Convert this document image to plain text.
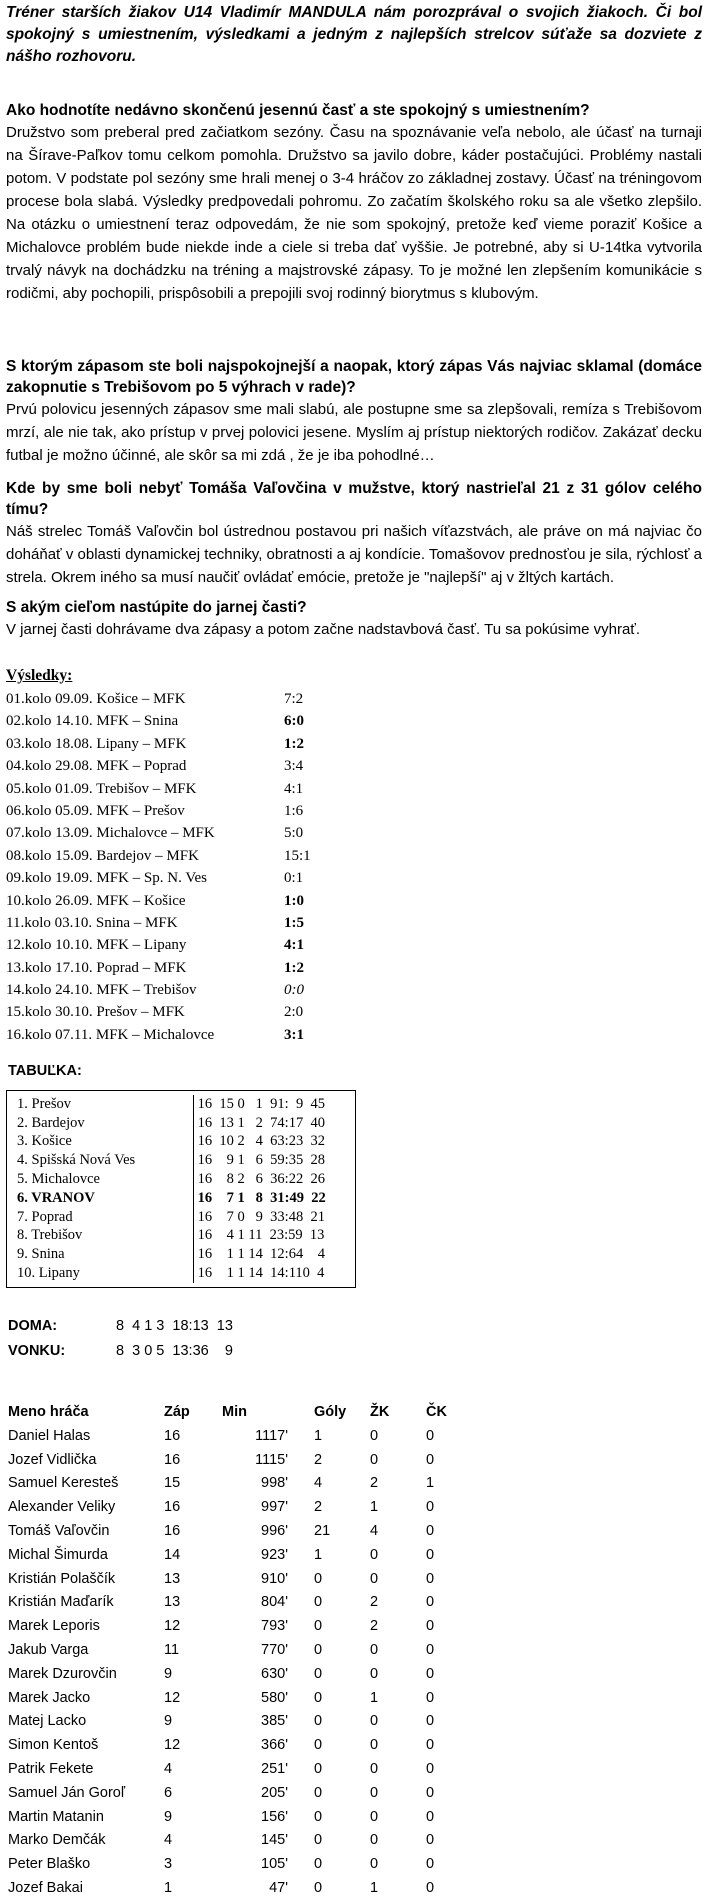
Tréner starších žiakov U14 Vladimír MANDULA nám porozprával o svojich žiakoch. Či bol spokojný s umiestnením, výsledkami a jedným z najlepších strelcov súťaže sa dozviete z nášho rozhovoru.

Ako hodnotíte nedávno skončenú jesennú časť a ste spokojný s umiestnením?

Družstvo som preberal pred začiatkom sezóny. Času na spoznávanie veľa nebolo, ale účasť na turnaji na Šírave-Paľkov tomu celkom pomohla. Družstvo sa javilo dobre, káder postačujúci. Problémy nastali potom. V podstate pol sezóny sme hrali menej o 3-4 hráčov zo základnej zostavy. Účasť na tréningovom procese bola slabá. Výsledky predpovedali pohromu. Zo začatím školského roku sa ale všetko zlepšilo. Na otázku o umiestnení teraz odpovedám, že nie som spokojný, pretože keď vieme poraziť Košice a Michalovce problém bude niekde inde a ciele si treba dať vyššie. Je potrebné, aby si U-14tka vytvorila trvalý návyk na dochádzku na tréning a majstrovské zápasy. To je možné len zlepšením komunikácie s rodičmi, aby pochopili, prispôsobili a prepojili svoj rodinný biorytmus s klubovým.

S ktorým zápasom ste boli najspokojnejší a naopak, ktorý zápas Vás najviac sklamal (domáce zakopnutie s Trebišovom po 5 výhrach v rade)?

Prvú polovicu jesenných zápasov sme mali slabú, ale postupne sme sa zlepšovali, remíza s Trebišovom mrzí, ale nie tak, ako prístup v prvej polovici jesene. Myslím aj prístup niektorých rodičov. Zakázať decku futbal je možno účinné, ale skôr sa mi zdá , že je iba pohodlné…

Kde by sme boli nebyť Tomáša Vaľovčina v mužstve, ktorý nastrieľal 21 z 31 gólov celého tímu?

Náš strelec Tomáš Vaľovčin bol ústrednou postavou pri našich víťazstvách, ale práve on má najviac čo doháňať v oblasti dynamickej techniky, obratnosti a aj kondície. Tomašovov prednosťou je sila, rýchlosť a strela. Okrem iného sa musí naučiť ovládať emócie, pretože je "najlepší" aj v žltých kartách.

S akým cieľom nastúpite do jarnej časti?

V jarnej časti dohrávame dva zápasy a potom začne nadstavbová časť. Tu sa pokúsime vyhrať.

Výsledky:
01.kolo 09.09. Košice – MFK	7:2
02.kolo 14.10. MFK – Snina	6:0
03.kolo 18.08. Lipany – MFK	1:2
04.kolo 29.08. MFK – Poprad	3:4
05.kolo 01.09. Trebišov – MFK	4:1
06.kolo 05.09. MFK – Prešov	1:6
07.kolo 13.09. Michalovce – MFK	5:0
08.kolo 15.09. Bardejov – MFK	15:1
09.kolo 19.09. MFK – Sp. N. Ves	0:1
10.kolo 26.09. MFK – Košice	1:0
11.kolo 03.10. Snina – MFK	1:5
12.kolo 10.10. MFK – Lipany	4:1
13.kolo 17.10. Poprad – MFK	1:2
14.kolo 24.10. MFK – Trebišov	0:0
15.kolo 30.10. Prešov – MFK	2:0
16.kolo 07.11. MFK – Michalovce	3:1
TABUĽKA:
1. Prešov	16  15 0   1  91:  9  45
2. Bardejov	16  13 1   2  74:17  40
3. Košice	16  10 2   4  63:23  32
4. Spišská Nová Ves	16    9 1   6  59:35  28
5. Michalovce	16    8 2   6  36:22  26
6. VRANOV	16    7 1   8  31:49  22
7. Poprad	16    7 0   9  33:48  21
8. Trebišov	16    4 1 11  23:59  13
9. Snina	16    1 1 14  12:64    4
10. Lipany	16    1 1 14  14:110  4
DOMA:	8  4 1 3  18:13  13
VONKU:	8  3 0 5  13:36    9
Meno hráča	Záp	Min	Góly	ŽK	ČK
Daniel Halas	16	1117'	1	0	0
Jozef Vidlička	16	1115'	2	0	0
Samuel Keresteš	15	998'	4	2	1
Alexander Veliky	16	997'	2	1	0
Tomáš Vaľovčin	16	996'	21	4	0
Michal Šimurda	14	923'	1	0	0
Kristián Polaščík	13	910'	0	0	0
Kristián Maďarík	13	804'	0	2	0
Marek Leporis	12	793'	0	2	0
Jakub Varga	11	770'	0	0	0
Marek Dzurovčin	9	630'	0	0	0
Marek Jacko	12	580'	0	1	0
Matej Lacko	9	385'	0	0	0
Simon Kentoš	12	366'	0	0	0
Patrik Fekete	4	251'	0	0	0
Samuel Ján Goroľ	6	205'	0	0	0
Martin Matanin	9	156'	0	0	0
Marko Demčák	4	145'	0	0	0
Peter Blaško	3	105'	0	0	0
Jozef Bakai	1	47'	0	1	0
